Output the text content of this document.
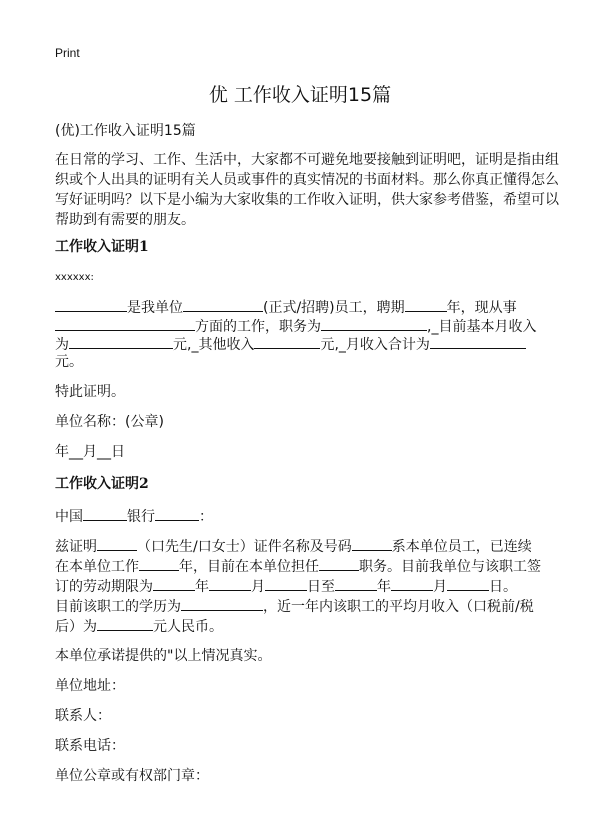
Print
优 工作收入证明15篇
(优)工作收入证明15篇
在日常的学习、工作、生活中，大家都不可避免地要接触到证明吧，证明是指由组
织或个人出具的证明有关人员或事件的真实情况的书面材料。那么你真正懂得怎么
写好证明吗？以下是小编为大家收集的工作收入证明，供大家参考借鉴，希望可以
帮助到有需要的朋友。
工作收入证明1
xxxxxx:
是我单位	(正式/招聘)员工，聘期	年，现从事
方面的工作，职务为	,_目前基本月收入
为	元,_其他收入	元,_月收入合计为
元。
特此证明。
单位名称：(公章)
年__月__日
工作收入证明2
中国	银行	：
兹证明	（口先生/口女士）证件名称及号码	系本单位员工，已连续
在本单位工作	年，目前在本单位担任	职务。目前我单位与该职工签
订的劳动期限为	年	月	日至	年	月	日。
目前该职工的学历为	，近一年内该职工的平均月收入（口税前/税
后）为	元人民币。
本单位承诺提供的"以上情况真实。
单位地址：
联系人：
联系电话：
单位公章或有权部门章：
